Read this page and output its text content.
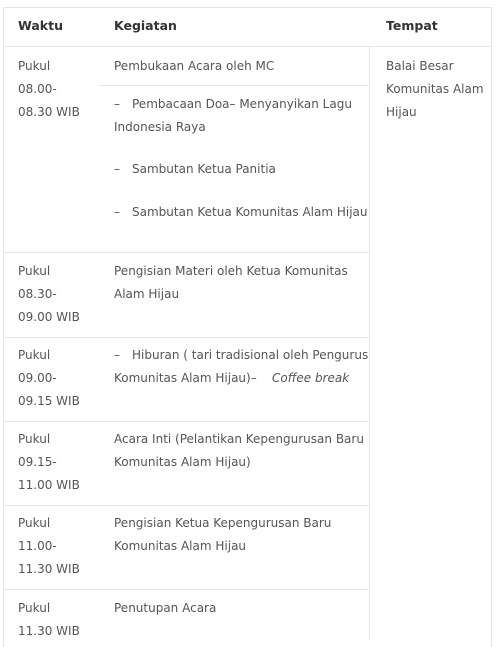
Waktu	Kegiatan	Tempat
Balai Besar
Komunitas Alam
Hijau
Pukul
08.00-
08.30 WIB
Pembukaan Acara oleh MC
– Pembacaan Doa– Menyanyikan Lagu
Indonesia Raya
– Sambutan Ketua Panitia
– Sambutan Ketua Komunitas Alam Hijau
Pukul
08.30-
09.00 WIB
Pengisian Materi oleh Ketua Komunitas
Alam Hijau
Pukul
09.00-
09.15 WIB
– Hiburan ( tari tradisional oleh Pengurus
Komunitas Alam Hijau)– Coffee break
Pukul
09.15-
11.00 WIB
Acara Inti (Pelantikan Kepengurusan Baru
Komunitas Alam Hijau)
Pukul
11.00-
11.30 WIB
Pengisian Ketua Kepengurusan Baru
Komunitas Alam Hijau
Pukul
11.30 WIB
Penutupan Acara
